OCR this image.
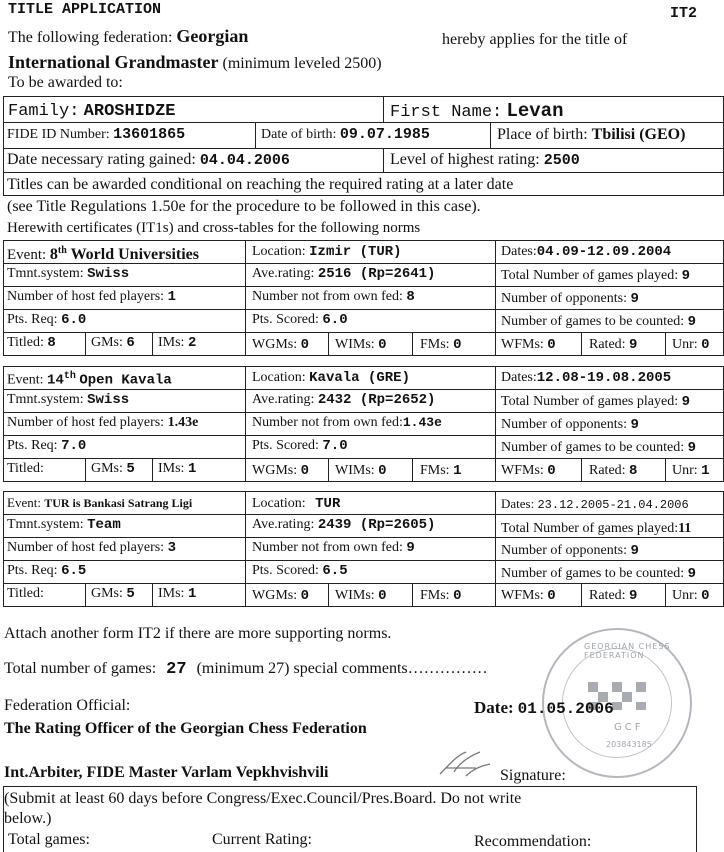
TITLE APPLICATION	IT2
The following federation: Georgian	hereby applies for the title of
International Grandmaster (minimum leveled 2500)
To be awarded to:
Family: AROSHIDZE	First Name: Levan
FIDE ID Number: 13601865	Date of birth: 09.07.1985	Place of birth: Tbilisi (GEO)
Date necessary rating gained: 04.04.2006	Level of highest rating: 2500
Titles can be awarded conditional on reaching the required rating at a later date
(see Title Regulations 1.50e for the procedure to be followed in this case).
Herewith certificates (IT1s) and cross-tables for the following norms
Event: 8th World Universities	Location: Izmir (TUR)	Dates:04.09-12.09.2004
Tmnt.system: Swiss	Ave.rating: 2516 (Rp=2641)	Total Number of games played: 9
Number of host fed players: 1	Number not from own fed: 8	Number of opponents: 9
Pts. Req: 6.0	Pts. Scored: 6.0	Number of games to be counted: 9
Titled: 8	GMs: 6 IMs: 2	WGMs: 0 WIMs: 0 FMs: 0	WFMs: 0 Rated: 9 Unr: 0
Event: 14th Open Kavala	Location: Kavala (GRE)	Dates:12.08-19.08.2005
Tmnt.system: Swiss	Ave.rating: 2432 (Rp=2652)	Total Number of games played: 9
Number of host fed players: 1.43e	Number not from own fed:1.43e	Number of opponents: 9
Pts. Req: 7.0	Pts. Scored: 7.0	Number of games to be counted: 9
Titled:	GMs: 5 IMs: 1	WGMs: 0 WIMs: 0 FMs: 1	WFMs: 0 Rated: 8 Unr: 1
Event: TUR is Bankasi Satrang Ligi	Location: TUR	Dates: 23.12.2005-21.04.2006
Tmnt.system: Team	Ave.rating: 2439 (Rp=2605)	Total Number of games played:11
Number of host fed players: 3	Number not from own fed: 9	Number of opponents: 9
Pts. Req: 6.5	Pts. Scored: 6.5	Number of games to be counted: 9
Titled:	GMs: 5 IMs: 1	WGMs: 0 WIMs: 0 FMs: 0	WFMs: 0 Rated: 9 Unr: 0
GEORGIAN CHESS FEDERATION
GCF
203843185
Attach another form IT2 if there are more supporting norms.
Total number of games: 27 (minimum 27) special comments……………
Federation Official:
The Rating Officer of the Georgian Chess Federation
Date: 01.05.2006
Int.Arbiter, FIDE Master Varlam Vepkhvishvili	Signature:
(Submit at least 60 days before Congress/Exec.Council/Pres.Board. Do not write
below.)
Total games:	Current Rating:	Recommendation:
